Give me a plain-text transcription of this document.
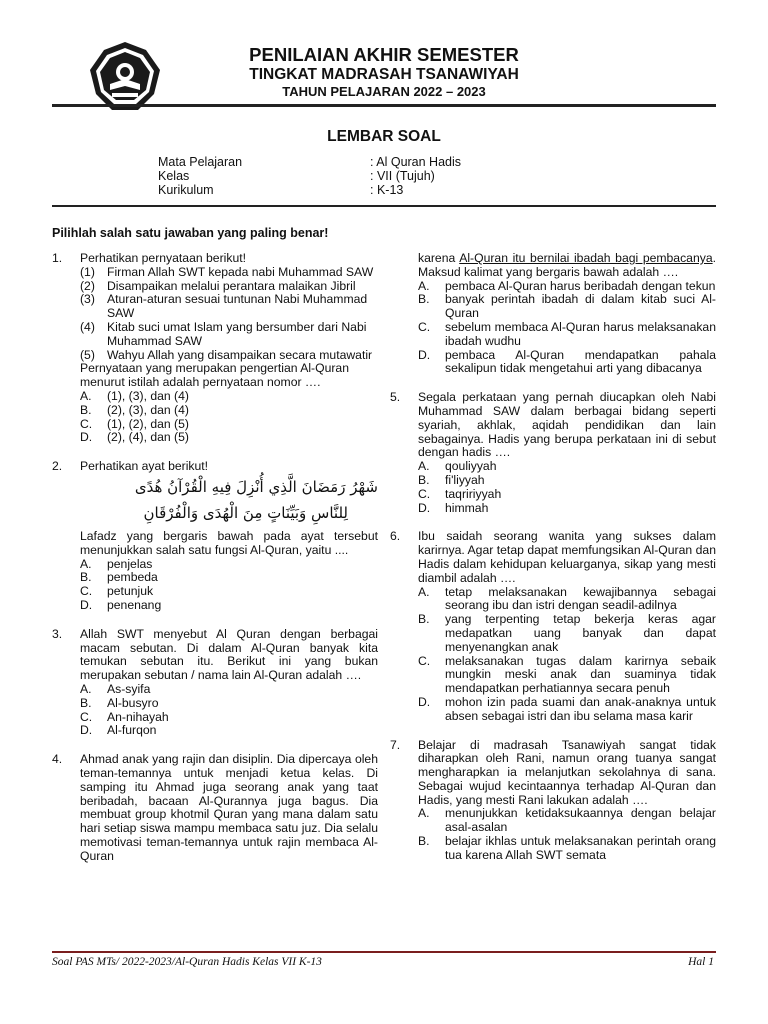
PENILAIAN AKHIR SEMESTER
TINGKAT MADRASAH TSANAWIYAH
TAHUN PELAJARAN 2022 – 2023
LEMBAR SOAL
Mata Pelajaran	: Al Quran Hadis
Kelas	: VII (Tujuh)
Kurikulum	: K-13
Pilihlah salah satu jawaban yang paling benar!
1. Perhatikan pernyataan berikut!
(1) Firman Allah SWT kepada nabi Muhammad SAW
(2) Disampaikan melalui perantara malaikan Jibril
(3) Aturan-aturan sesuai tuntunan Nabi Muhammad SAW
(4) Kitab suci umat Islam yang bersumber dari Nabi Muhammad SAW
(5) Wahyu Allah yang disampaikan secara mutawatir
Pernyataan yang merupakan pengertian Al-Quran menurut istilah adalah pernyataan nomor ….
A. (1), (3), dan (4)
B. (2), (3), dan (4)
C. (1), (2), dan (5)
D. (2), (4), dan (5)
2. Perhatikan ayat berikut!
شَهْرُ رَمَضَانَ الَّذِي أُنْزِلَ فِيهِ الْقُرْآنُ هُدًى
لِلنَّاسِ وَبَيِّنَاتٍ مِنَ الْهُدَى وَالْفُرْقَانِ
Lafadz yang bergaris bawah pada ayat tersebut menunjukkan salah satu fungsi Al-Quran, yaitu ....
A. penjelas
B. pembeda
C. petunjuk
D. penenang
3. Allah SWT menyebut Al Quran dengan berbagai macam sebutan. Di dalam Al-Quran banyak kita temukan sebutan itu. Berikut ini yang bukan merupakan sebutan / nama lain Al-Quran adalah ….
A. As-syifa
B. Al-busyro
C. An-nihayah
D. Al-furqon
4. Ahmad anak yang rajin dan disiplin. Dia dipercaya oleh teman-temannya untuk menjadi ketua kelas. Di samping itu Ahmad juga seorang anak yang taat beribadah, bacaan Al-Qurannya juga bagus. Dia membuat group khotmil Quran yang mana dalam satu hari setiap siswa mampu membaca satu juz. Dia selalu memotivasi teman-temannya untuk rajin membaca Al-Quran
karena Al-Quran itu bernilai ibadah bagi pembacanya. Maksud kalimat yang bergaris bawah adalah ….
A. pembaca Al-Quran harus beribadah dengan tekun
B. banyak perintah ibadah di dalam kitab suci Al-Quran
C. sebelum membaca Al-Quran harus melaksanakan ibadah wudhu
D. pembaca Al-Quran mendapatkan pahala sekalipun tidak mengetahui arti yang dibacanya
5. Segala perkataan yang pernah diucapkan oleh Nabi Muhammad SAW dalam berbagai bidang seperti syariah, akhlak, aqidah pendidikan dan lain sebagainya. Hadis yang berupa perkataan ini di sebut dengan hadis ….
A. qouliyyah
B. fi'liyyah
C. taqririyyah
D. himmah
6. Ibu saidah seorang wanita yang sukses dalam karirnya. Agar tetap dapat memfungsikan Al-Quran dan Hadis dalam kehidupan keluarganya, sikap yang mesti diambil adalah ….
A. tetap melaksanakan kewajibannya sebagai seorang ibu dan istri dengan seadil-adilnya
B. yang terpenting tetap bekerja keras agar medapatkan uang banyak dan dapat menyenangkan anak
C. melaksanakan tugas dalam karirnya sebaik mungkin meski anak dan suaminya tidak mendapatkan perhatiannya secara penuh
D. mohon izin pada suami dan anak-anaknya untuk absen sebagai istri dan ibu selama masa karir
7. Belajar di madrasah Tsanawiyah sangat tidak diharapkan oleh Rani, namun orang tuanya sangat mengharapkan ia melanjutkan sekolahnya di sana. Sebagai wujud kecintaannya terhadap Al-Quran dan Hadis, yang mesti Rani lakukan adalah ….
A. menunjukkan ketidaksukaannya dengan belajar asal-asalan
B. belajar ikhlas untuk melaksanakan perintah orang tua karena Allah SWT semata
Soal PAS MTs/ 2022-2023/Al-Quran Hadis Kelas VII K-13	Hal 1
